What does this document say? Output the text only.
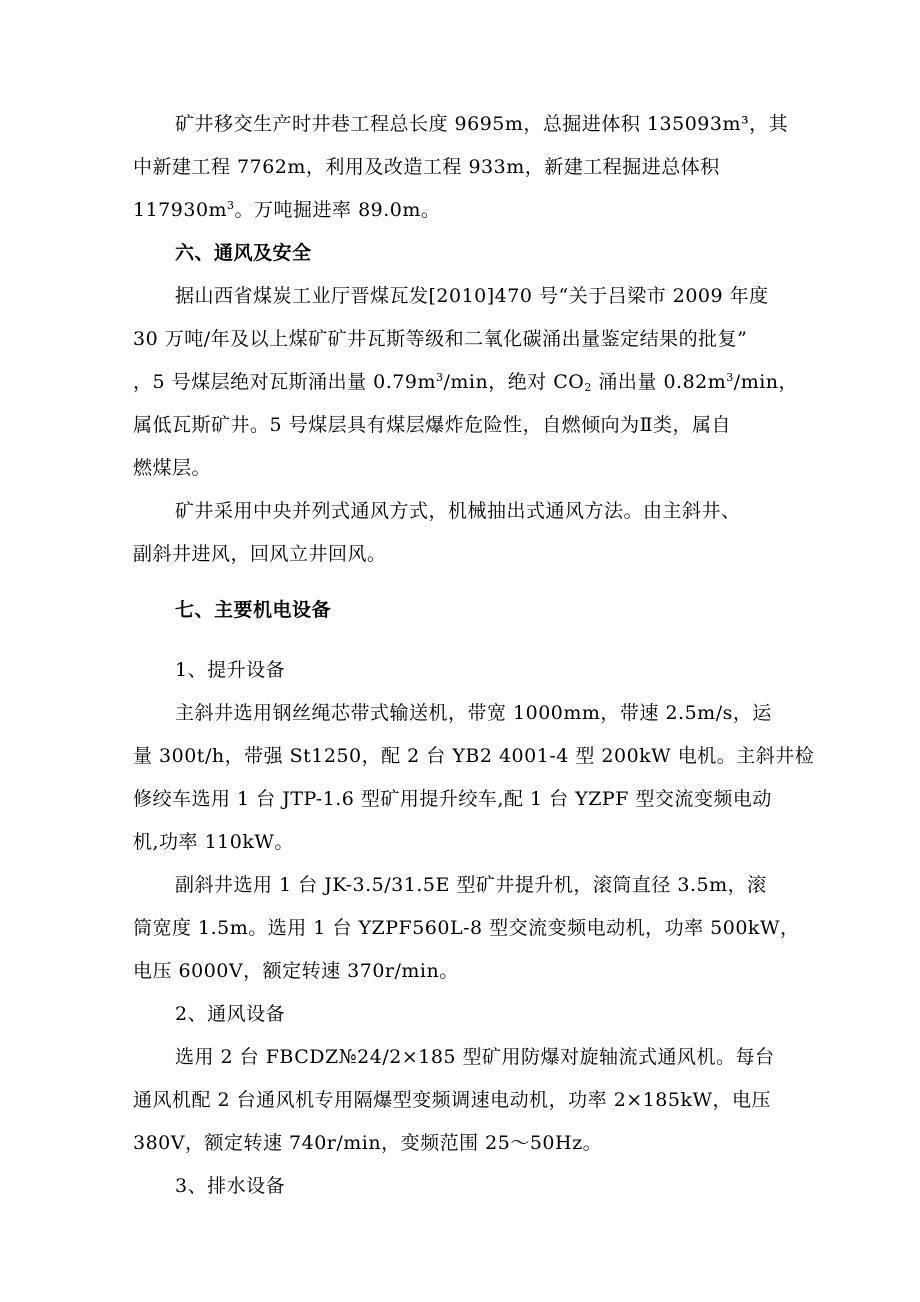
矿井移交生产时井巷工程总长度 9695m，总掘进体积 135093m³，其
中新建工程 7762m，利用及改造工程 933m，新建工程掘进总体积
$117930m^3$。万吨掘进率 89.0m。
六、通风及安全
据山西省煤炭工业厅晋煤瓦发[2010]470 号“关于吕梁市 2009 年度
30 万吨/年及以上煤矿矿井瓦斯等级和二氧化碳涌出量鉴定结果的批复”
，5 号煤层绝对瓦斯涌出量 $0.79m^3/\min$，绝对 $CO_2$ 涌出量 $0.82m^3/\min$，
属低瓦斯矿井。5 号煤层具有煤层爆炸危险性，自燃倾向为Ⅱ类，属自
燃煤层。
矿井采用中央并列式通风方式，机械抽出式通风方法。由主斜井、
副斜井进风，回风立井回风。
七、主要机电设备
1、提升设备
主斜井选用钢丝绳芯带式输送机，带宽 1000mm，带速 2.5m/s，运
量 300t/h，带强 St1250，配 2 台 YB2 4001-4 型 200kW 电机。主斜井检
修绞车选用 1 台 JTP-1.6 型矿用提升绞车,配 1 台 YZPF 型交流变频电动
机,功率 110kW。
副斜井选用 1 台 JK-3.5/31.5E 型矿井提升机，滚筒直径 3.5m，滚
筒宽度 1.5m。选用 1 台 YZPF560L-8 型交流变频电动机，功率 500kW，
电压 6000V，额定转速 370r/min。
2、通风设备
选用 2 台 FBCDZ№24/2×185 型矿用防爆对旋轴流式通风机。每台
通风机配 2 台通风机专用隔爆型变频调速电动机，功率 2×185kW，电压
380V，额定转速 740r/min，变频范围 25～50Hz。
3、排水设备
